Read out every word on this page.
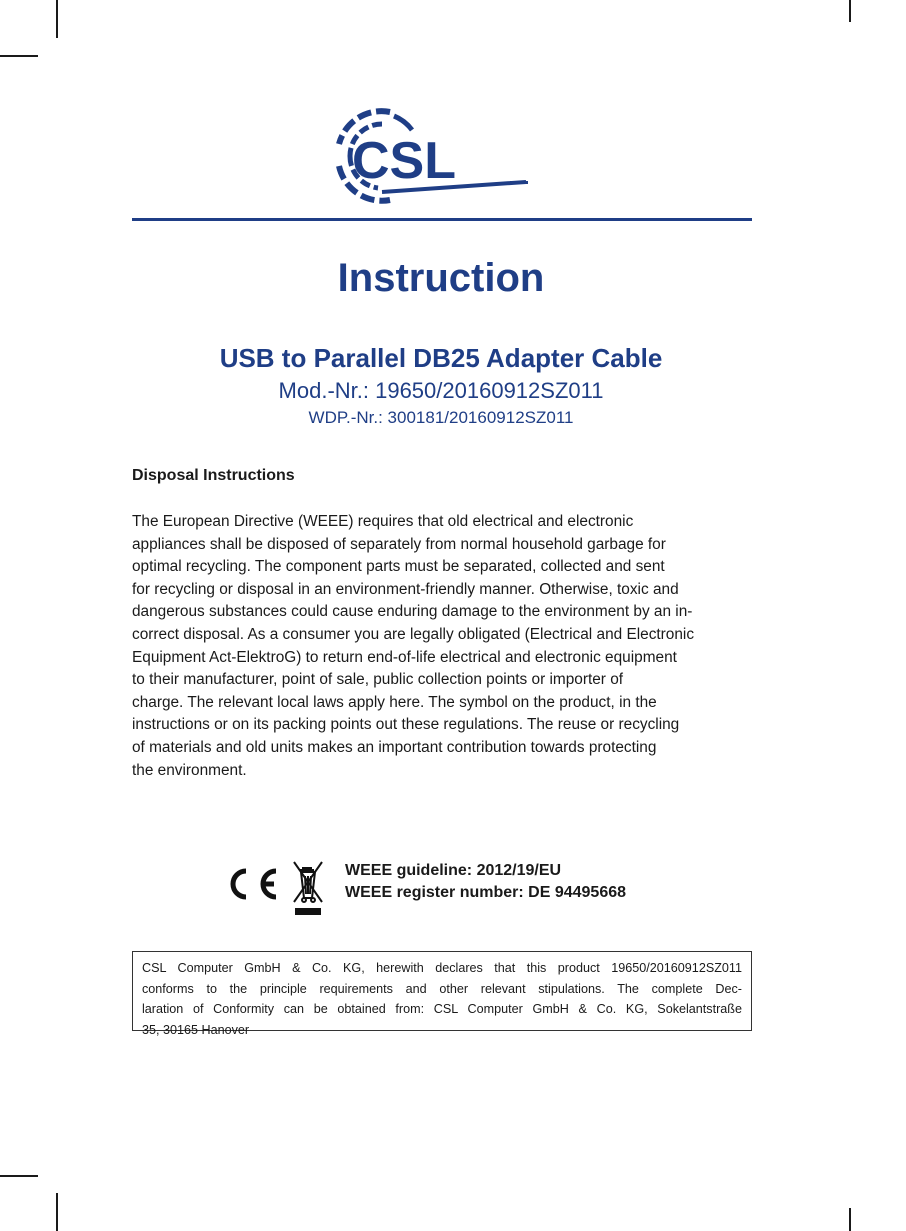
CSL
Instruction
USB to Parallel DB25 Adapter Cable
Mod.-Nr.: 19650/20160912SZ011
WDP.-Nr.: 300181/20160912SZ011
Disposal Instructions
The European Directive (WEEE) requires that old electrical and electronic
appliances shall be disposed of separately from normal household garbage for
optimal recycling. The component parts must be separated, collected and sent
for recycling or disposal in an environment-friendly manner. Otherwise, toxic and
dangerous substances could cause enduring damage to the environment by an in-
correct disposal. As a consumer you are legally obligated (Electrical and Electronic
Equipment Act-ElektroG) to return end-of-life electrical and electronic equipment
to their manufacturer, point of sale, public collection points or importer of
charge. The relevant local laws apply here. The symbol on the product, in the
instructions or on its packing points out these regulations. The reuse or recycling
of materials and old units makes an important contribution towards protecting
the environment.
WEEE guideline: 2012/19/EU
WEEE register number: DE 94495668
CSL Computer GmbH & Co. KG, herewith declares that this product 19650/20160912SZ011
conforms to the principle requirements and other relevant stipulations. The complete Dec-
laration of Conformity can be obtained from: CSL Computer GmbH & Co. KG, Sokelantstraße
35, 30165 Hanover
